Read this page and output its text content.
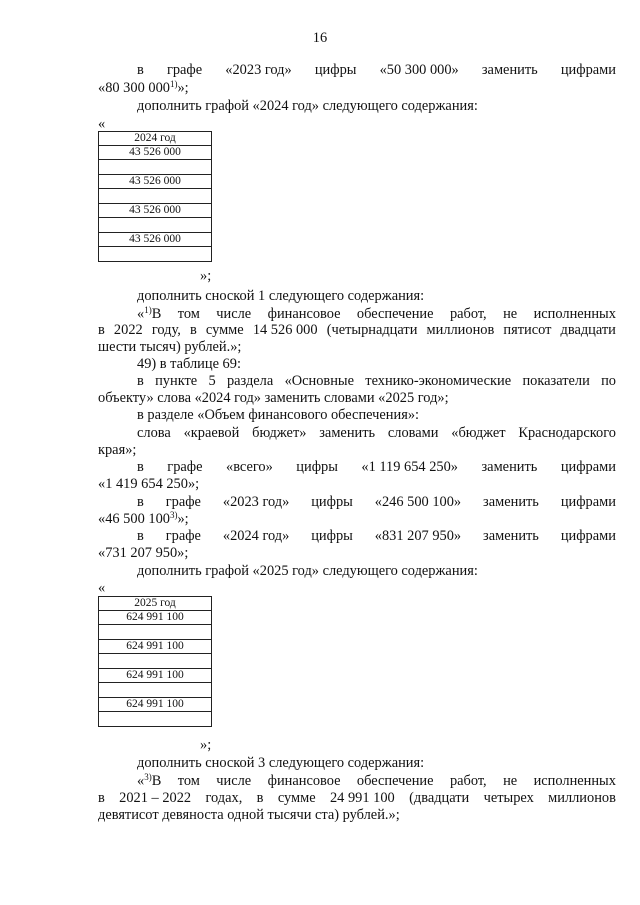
16
в графе «2023 год» цифры «50 300 000» заменить цифрами
«80 300 000$^{1)}$»;
дополнить графой «2024 год» следующего содержания:
«
2024 год
43 526 000

43 526 000

43 526 000

43 526 000

»;
дополнить сноской 1 следующего содержания:
«$^{1)}$В том числе финансовое обеспечение работ, не исполненных
в 2022 году, в сумме 14 526 000 (четырнадцати миллионов пятисот двадцати
шести тысяч) рублей.»;
49) в таблице 69:
в пункте 5 раздела «Основные технико-экономические показатели по
объекту» слова «2024 год» заменить словами «2025 год»;
в разделе «Объем финансового обеспечения»:
слова «краевой бюджет» заменить словами «бюджет Краснодарского
края»;
в графе «всего» цифры «1 119 654 250» заменить цифрами
«1 419 654 250»;
в графе «2023 год» цифры «246 500 100» заменить цифрами
«46 500 100$^{3)}$»;
в графе «2024 год» цифры «831 207 950» заменить цифрами
«731 207 950»;
дополнить графой «2025 год» следующего содержания:
«
2025 год
624 991 100

624 991 100

624 991 100

624 991 100

»;
дополнить сноской 3 следующего содержания:
«$^{3)}$В том числе финансовое обеспечение работ, не исполненных
в 2021 – 2022 годах, в сумме 24 991 100 (двадцати четырех миллионов
девятисот девяноста одной тысячи ста) рублей.»;
